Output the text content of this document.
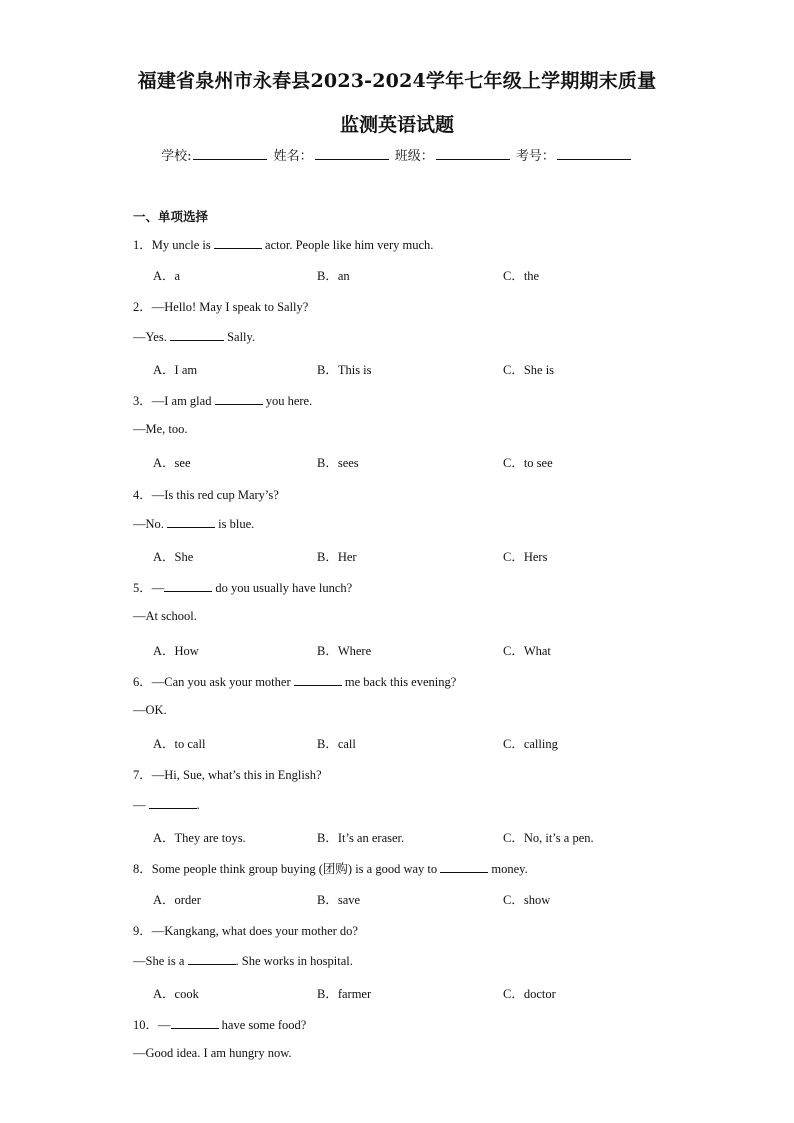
福建省泉州市永春县2023-2024学年七年级上学期期末质量
监测英语试题
学校:	姓名：	班级：	考号：
一、单项选择
1．My uncle is	actor. People like him very much.
A．a	B．an	C．the
2．—Hello! May I speak to Sally?
—Yes.	Sally.
A．I am	B．This is	C．She is
3．—I am glad	you here.
—Me, too.
A．see	B．sees	C．to see
4．—Is this red cup Mary’s?
—No.	is blue.
A．She	B．Her	C．Hers
5．—	do you usually have lunch?
—At school.
A．How	B．Where	C．What
6．—Can you ask your mother	me back this evening?
—OK.
A．to call	B．call	C．calling
7．—Hi, Sue, what’s this in English?
—	.
A．They are toys.	B．It’s an eraser.	C．No, it’s a pen.
8．Some people think group buying (团购) is a good way to	money.
A．order	B．save	C．show
9．—Kangkang, what does your mother do?
—She is a	. She works in hospital.
A．cook	B．farmer	C．doctor
10．—	have some food?
—Good idea. I am hungry now.
